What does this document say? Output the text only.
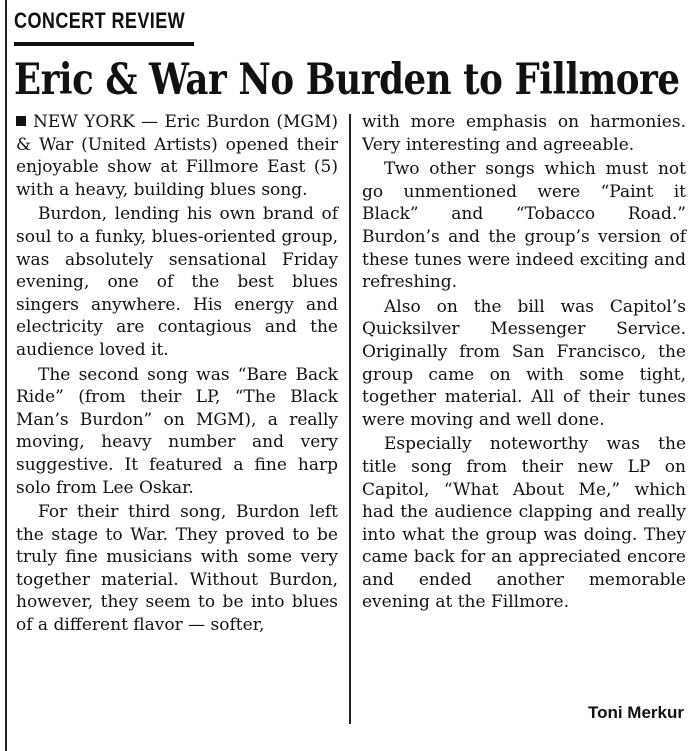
CONCERT REVIEW
Eric & War No Burden to Fillmore

NEW YORK — Eric Burdon (MGM) & War (United Artists) opened their enjoyable show at Fillmore East (5) with a heavy, building blues song.

Burdon, lending his own brand of soul to a funky, blues-oriented group, was absolutely sensational Friday evening, one of the best blues singers anywhere. His energy and electricity are contagious and the audience loved it.

The second song was “Bare Back Ride” (from their LP, “The Black Man’s Burdon” on MGM), a really moving, heavy number and very suggestive. It featured a fine harp solo from Lee Oskar.

For their third song, Burdon left the stage to War. They proved to be truly fine musicians with some very together material. Without Burdon, however, they seem to be into blues of a different flavor — softer,

with more emphasis on harmonies. Very interesting and agreeable.

Two other songs which must not go unmentioned were “Paint it Black” and “Tobacco Road.” Burdon’s and the group’s version of these tunes were indeed exciting and refreshing.

Also on the bill was Capitol’s Quicksilver Messenger Service. Originally from San Francisco, the group came on with some tight, together material. All of their tunes were moving and well done.

Especially noteworthy was the title song from their new LP on Capitol, “What About Me,” which had the audience clapping and really into what the group was doing. They came back for an appreciated encore and ended another memorable evening at the Fillmore.

Toni Merkur
